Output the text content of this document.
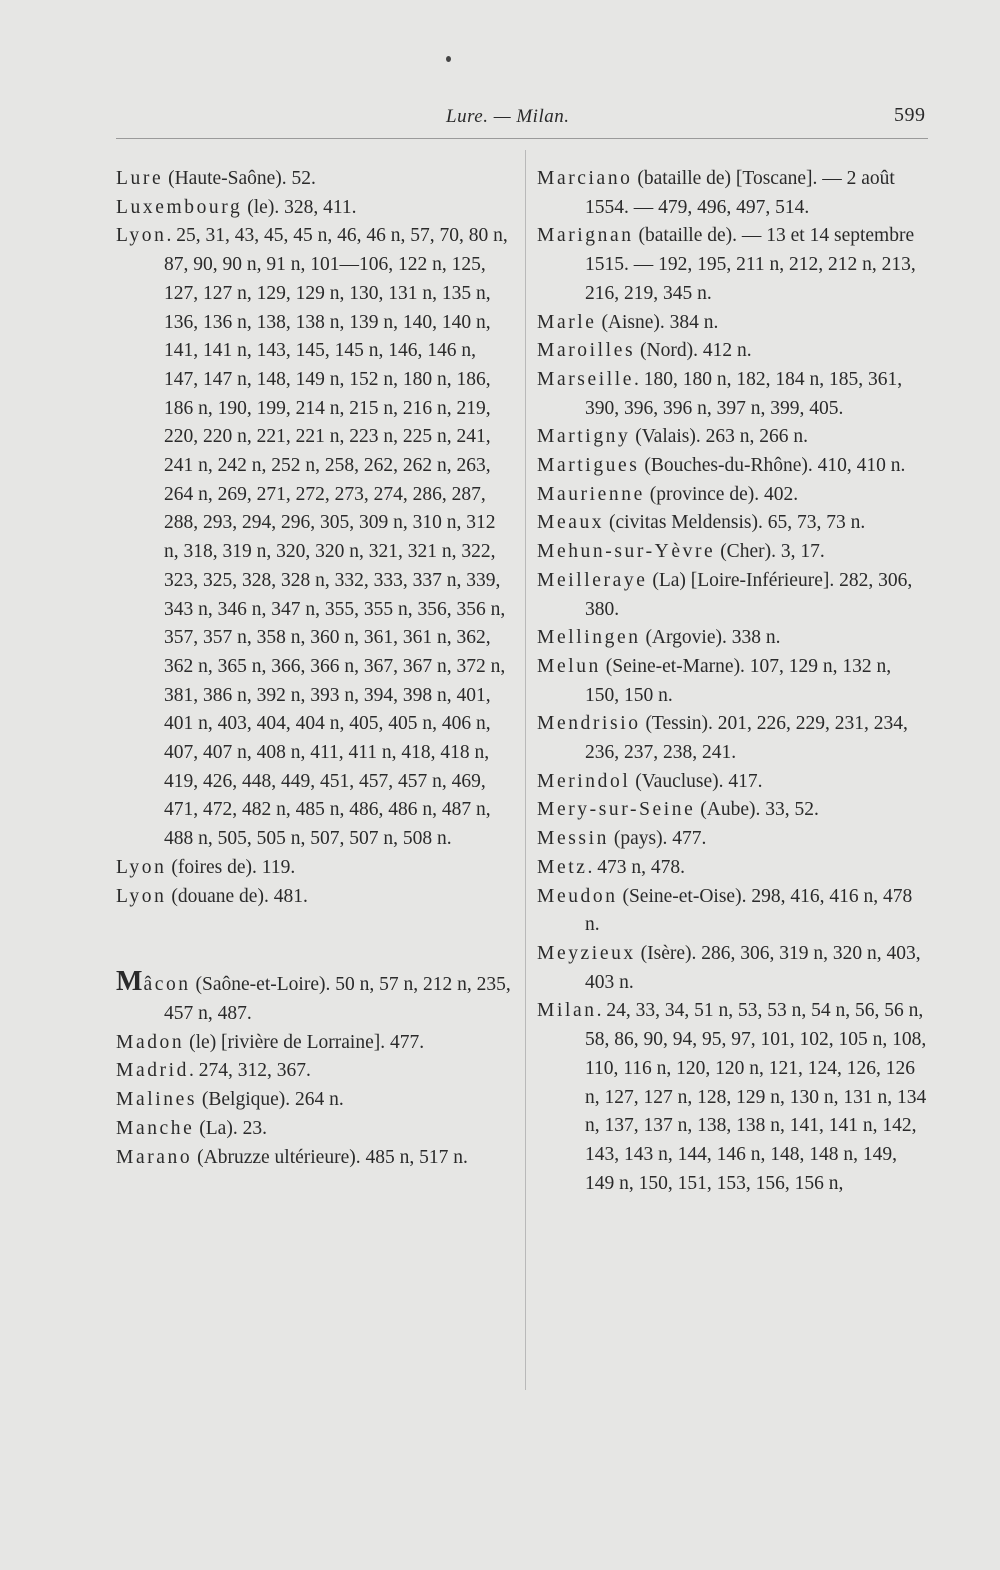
Lure. — Milan.	599

Lure (Haute-Saône). 52.

Luxembourg (le). 328, 411.

Lyon. 25, 31, 43, 45, 45 n, 46, 46 n, 57, 70, 80 n, 87, 90, 90 n, 91 n, 101—106, 122 n, 125, 127, 127 n, 129, 129 n, 130, 131 n, 135 n, 136, 136 n, 138, 138 n, 139 n, 140, 140 n, 141, 141 n, 143, 145, 145 n, 146, 146 n, 147, 147 n, 148, 149 n, 152 n, 180 n, 186, 186 n, 190, 199, 214 n, 215 n, 216 n, 219, 220, 220 n, 221, 221 n, 223 n, 225 n, 241, 241 n, 242 n, 252 n, 258, 262, 262 n, 263, 264 n, 269, 271, 272, 273, 274, 286, 287, 288, 293, 294, 296, 305, 309 n, 310 n, 312 n, 318, 319 n, 320, 320 n, 321, 321 n, 322, 323, 325, 328, 328 n, 332, 333, 337 n, 339, 343 n, 346 n, 347 n, 355, 355 n, 356, 356 n, 357, 357 n, 358 n, 360 n, 361, 361 n, 362, 362 n, 365 n, 366, 366 n, 367, 367 n, 372 n, 381, 386 n, 392 n, 393 n, 394, 398 n, 401, 401 n, 403, 404, 404 n, 405, 405 n, 406 n, 407, 407 n, 408 n, 411, 411 n, 418, 418 n, 419, 426, 448, 449, 451, 457, 457 n, 469, 471, 472, 482 n, 485 n, 486, 486 n, 487 n, 488 n, 505, 505 n, 507, 507 n, 508 n.

Lyon (foires de). 119.

Lyon (douane de). 481.

Mâcon (Saône-et-Loire). 50 n, 57 n, 212 n, 235, 457 n, 487.

Madon (le) [rivière de Lorraine]. 477.

Madrid. 274, 312, 367.

Malines (Belgique). 264 n.

Manche (La). 23.

Marano (Abruzze ultérieure). 485 n, 517 n.

Marciano (bataille de) [Toscane]. — 2 août 1554. — 479, 496, 497, 514.

Marignan (bataille de). — 13 et 14 septembre 1515. — 192, 195, 211 n, 212, 212 n, 213, 216, 219, 345 n.

Marle (Aisne). 384 n.

Maroilles (Nord). 412 n.

Marseille. 180, 180 n, 182, 184 n, 185, 361, 390, 396, 396 n, 397 n, 399, 405.

Martigny (Valais). 263 n, 266 n.

Martigues (Bouches-du-Rhône). 410, 410 n.

Maurienne (province de). 402.

Meaux (civitas Meldensis). 65, 73, 73 n.

Mehun-sur-Yèvre (Cher). 3, 17.

Meilleraye (La) [Loire-Inférieure]. 282, 306, 380.

Mellingen (Argovie). 338 n.

Melun (Seine-et-Marne). 107, 129 n, 132 n, 150, 150 n.

Mendrisio (Tessin). 201, 226, 229, 231, 234, 236, 237, 238, 241.

Merindol (Vaucluse). 417.

Mery-sur-Seine (Aube). 33, 52.

Messin (pays). 477.

Metz. 473 n, 478.

Meudon (Seine-et-Oise). 298, 416, 416 n, 478 n.

Meyzieux (Isère). 286, 306, 319 n, 320 n, 403, 403 n.

Milan. 24, 33, 34, 51 n, 53, 53 n, 54 n, 56, 56 n, 58, 86, 90, 94, 95, 97, 101, 102, 105 n, 108, 110, 116 n, 120, 120 n, 121, 124, 126, 126 n, 127, 127 n, 128, 129 n, 130 n, 131 n, 134 n, 137, 137 n, 138, 138 n, 141, 141 n, 142, 143, 143 n, 144, 146 n, 148, 148 n, 149, 149 n, 150, 151, 153, 156, 156 n,
